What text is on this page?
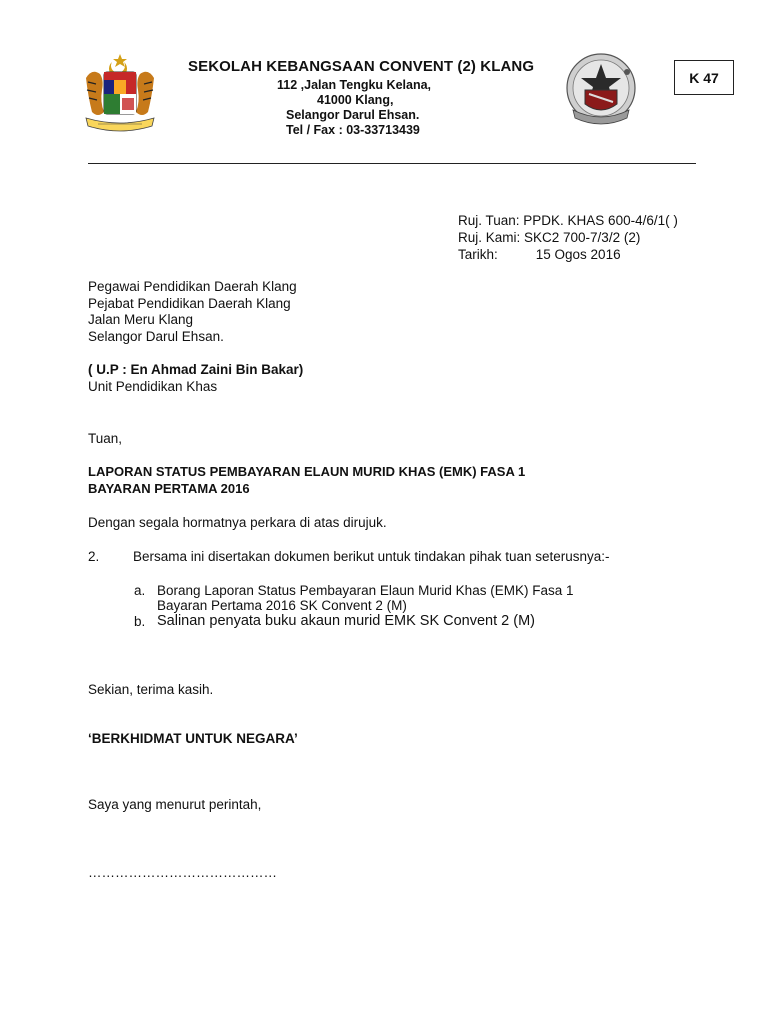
SEKOLAH KEBANGSAAN CONVENT (2) KLANG
112 ,Jalan Tengku Kelana,
41000 Klang,
Selangor Darul Ehsan.
Tel / Fax : 03-33713439
K 47
Ruj. Tuan: PPDK. KHAS 600-4/6/1( )
Ruj. Kami: SKC2 700-7/3/2 (2)
Tarikh:	15 Ogos 2016
Pegawai Pendidikan Daerah Klang
Pejabat Pendidikan Daerah Klang
Jalan Meru Klang
Selangor Darul Ehsan.
( U.P : En Ahmad Zaini Bin Bakar)
Unit Pendidikan Khas
Tuan,
LAPORAN STATUS PEMBAYARAN ELAUN MURID KHAS (EMK) FASA 1
BAYARAN PERTAMA 2016
Dengan segala hormatnya perkara di atas dirujuk.
2. Bersama ini disertakan dokumen berikut untuk tindakan pihak tuan seterusnya:-
a. Borang Laporan Status Pembayaran Elaun Murid Khas (EMK) Fasa 1
Bayaran Pertama 2016 SK Convent 2 (M)
b. Salinan penyata buku akaun murid EMK SK Convent 2 (M)
Sekian, terima kasih.
‘BERKHIDMAT UNTUK NEGARA’
Saya yang menurut perintah,
……………………………………
